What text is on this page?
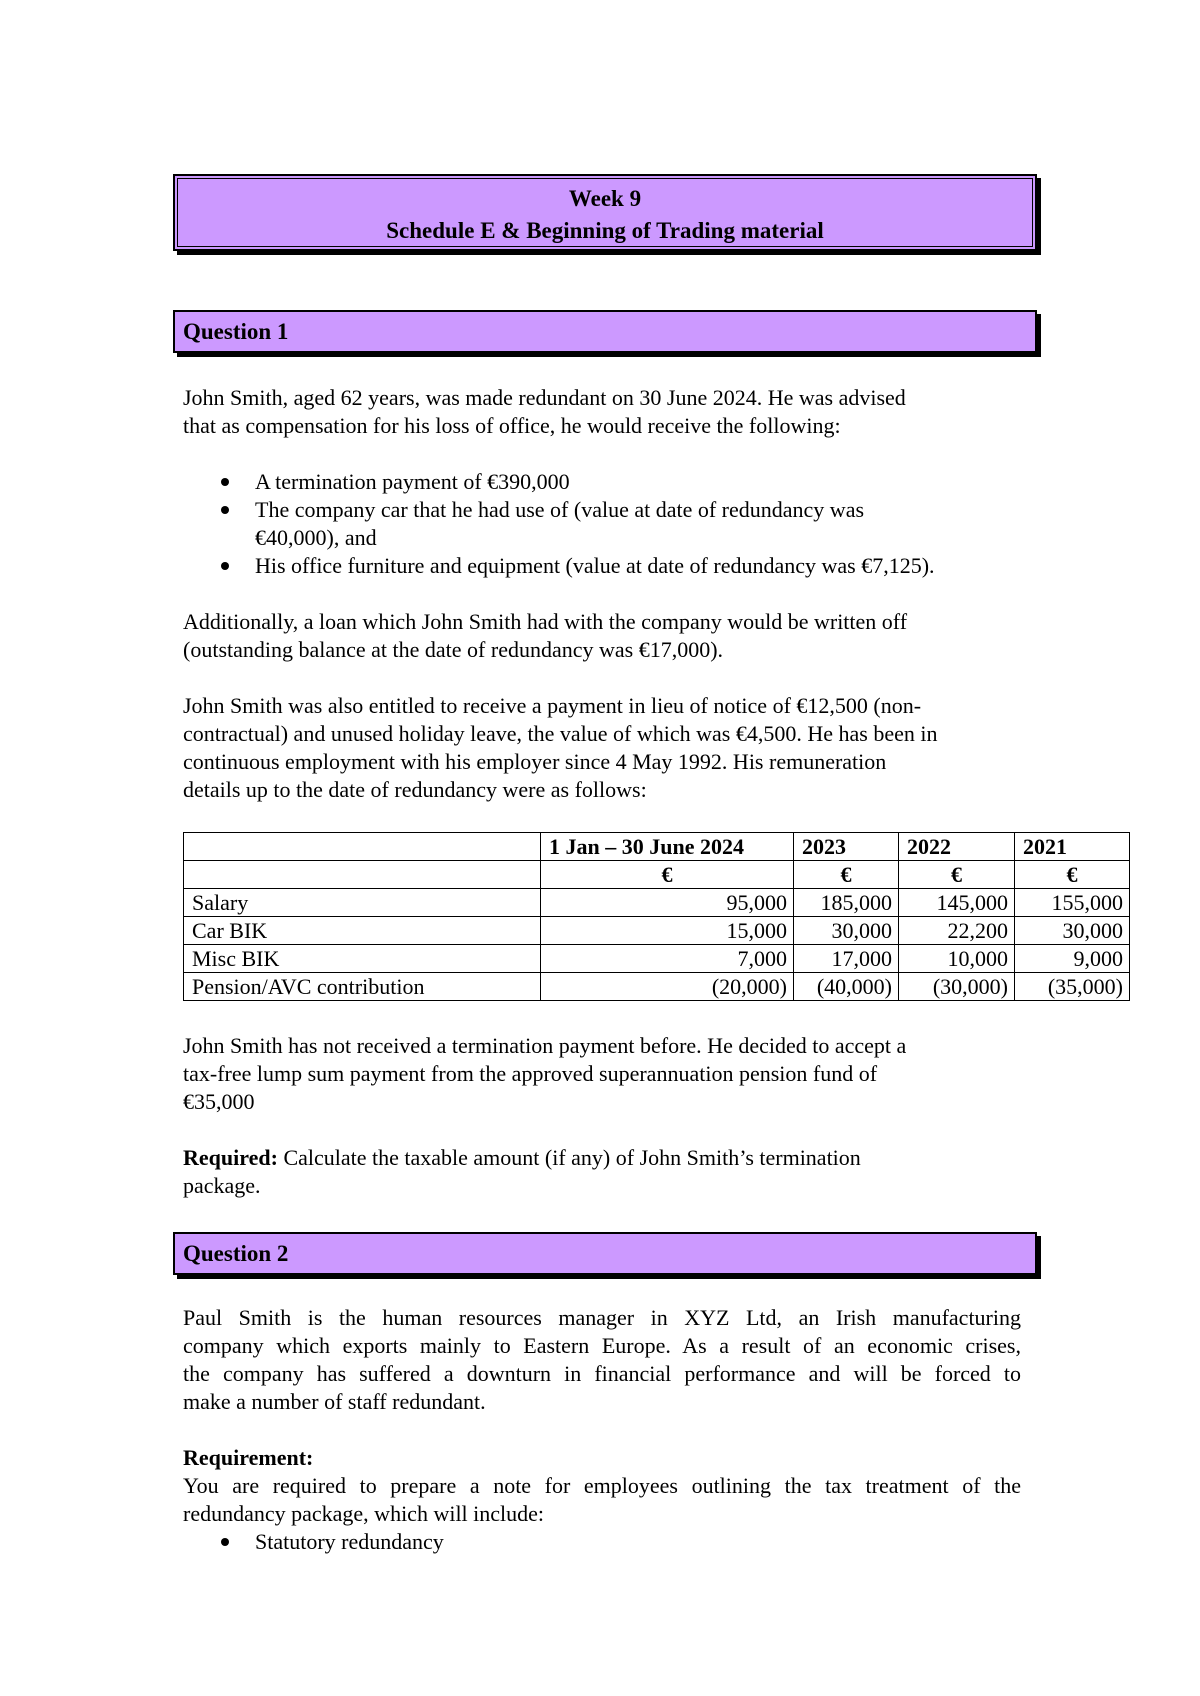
Week 9
Schedule E & Beginning of Trading material
Question 1
John Smith, aged 62 years, was made redundant on 30 June 2024. He was advised
that as compensation for his loss of office, he would receive the following:
A termination payment of €390,000
The company car that he had use of (value at date of redundancy was
€40,000), and
His office furniture and equipment (value at date of redundancy was €7,125).
Additionally, a loan which John Smith had with the company would be written off
(outstanding balance at the date of redundancy was €17,000).
John Smith was also entitled to receive a payment in lieu of notice of €12,500 (non-
contractual) and unused holiday leave, the value of which was €4,500. He has been in
continuous employment with his employer since 4 May 1992. His remuneration
details up to the date of redundancy were as follows:
	1 Jan – 30 June 2024	2023	2022	2021
	€	€	€	€
Salary	95,000	185,000	145,000	155,000
Car BIK	15,000	30,000	22,200	30,000
Misc BIK	7,000	17,000	10,000	9,000
Pension/AVC contribution	(20,000)	(40,000)	(30,000)	(35,000)
John Smith has not received a termination payment before. He decided to accept a
tax-free lump sum payment from the approved superannuation pension fund of
€35,000
Required: Calculate the taxable amount (if any) of John Smith’s termination
package.
Question 2
Paul Smith is the human resources manager in XYZ Ltd, an Irish manufacturing
company which exports mainly to Eastern Europe. As a result of an economic crises,
the company has suffered a downturn in financial performance and will be forced to
make a number of staff redundant.
Requirement:
You are required to prepare a note for employees outlining the tax treatment of the
redundancy package, which will include:
Statutory redundancy
